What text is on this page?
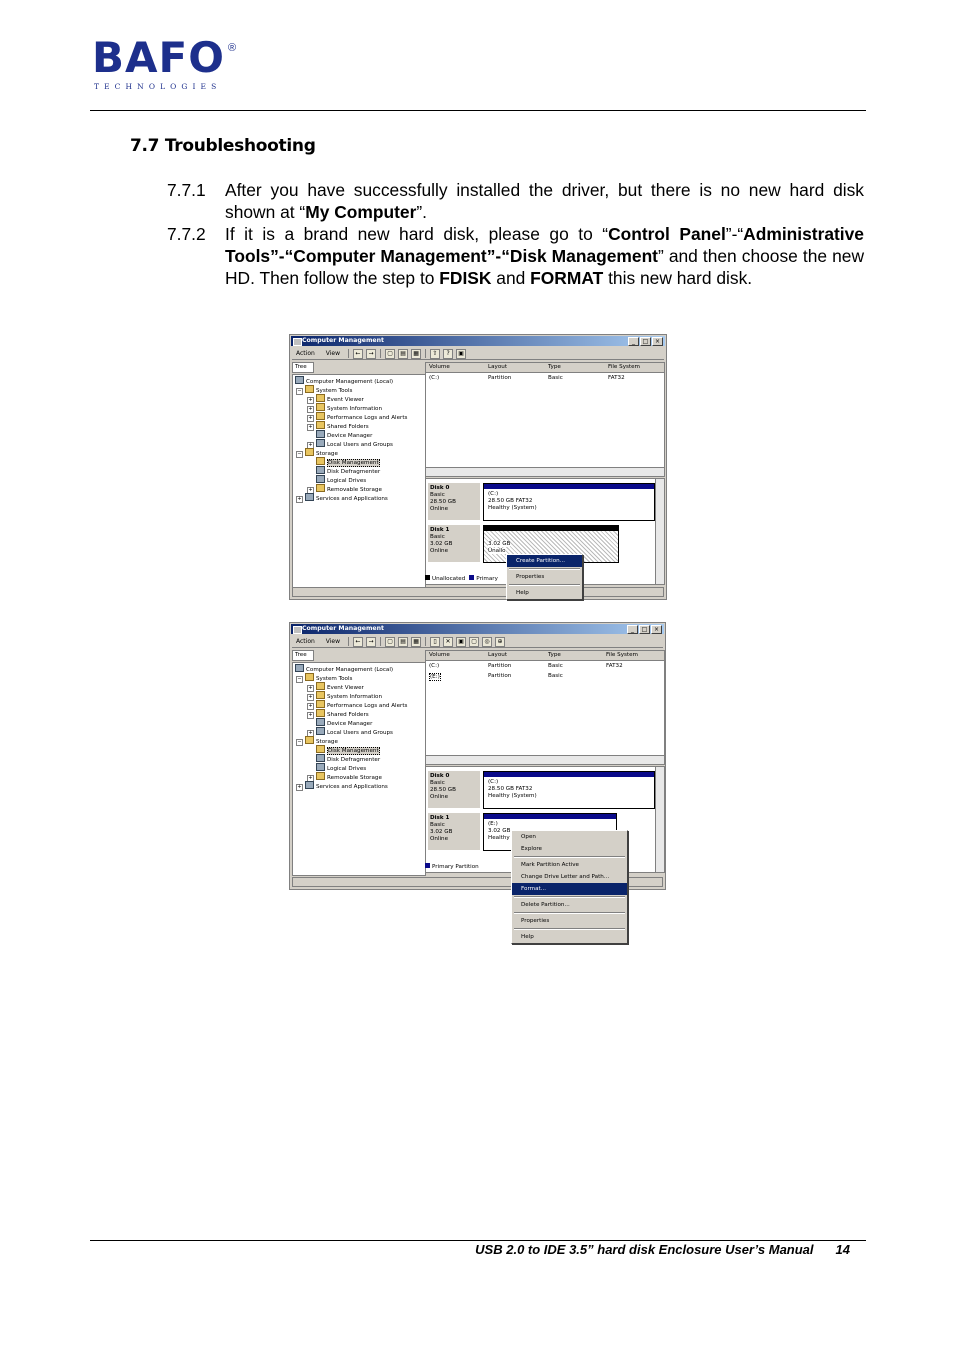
BAFO ®
TECHNOLOGIES
7.7 Troubleshooting
7.7.1 After you have successfully installed the driver, but there is no new hard disk shown at “My Computer”.
7.7.2 If it is a brand new hard disk, please go to “Control Panel”-“Administrative Tools”-“Computer Management”-“Disk Management” and then choose the new HD. Then follow the step to FDISK and FORMAT this new hard disk.
Computer Management	_	□	×
Action	View	←	→	▢	▤	▦	⇧	?	▣
Tree
Computer Management (Local)
−	System Tools
+	Event Viewer
+	System Information
+	Performance Logs and Alerts
+	Shared Folders
Device Manager
+	Local Users and Groups
−	Storage
Disk Management
Disk Defragmenter
Logical Drives
+	Removable Storage
+	Services and Applications
Volume	Layout	Type	File System
(C:)	Partition	Basic	FAT32
Disk 0
Basic
28.50 GB
Online
(C:)
28.50 GB FAT32
Healthy (System)
Disk 1
Basic
3.02 GB
Online
3.02 GB
Unallo
Unallocated	Primary
Create Partition...
Properties
Help
Computer Management	_	□	×
Action	View	←	→	▢	▤	▦	▯	✕	▣	▢	◎	⊕
Tree
Computer Management (Local)
−	System Tools
+	Event Viewer
+	System Information
+	Performance Logs and Alerts
+	Shared Folders
Device Manager
+	Local Users and Groups
−	Storage
Disk Management
Disk Defragmenter
Logical Drives
+	Removable Storage
+	Services and Applications
Volume	Layout	Type	File System
(C:)	Partition	Basic	FAT32
(E:)	Partition	Basic
Disk 0
Basic
28.50 GB
Online
(C:)
28.50 GB FAT32
Healthy (System)
Disk 1
Basic
3.02 GB
Online
(E:)
3.02 GB
Healthy
Primary Partition
Open
Explore
Mark Partition Active
Change Drive Letter and Path...
Format...
Delete Partition...
Properties
Help
USB 2.0 to IDE 3.5” hard disk Enclosure User’s Manual 14
